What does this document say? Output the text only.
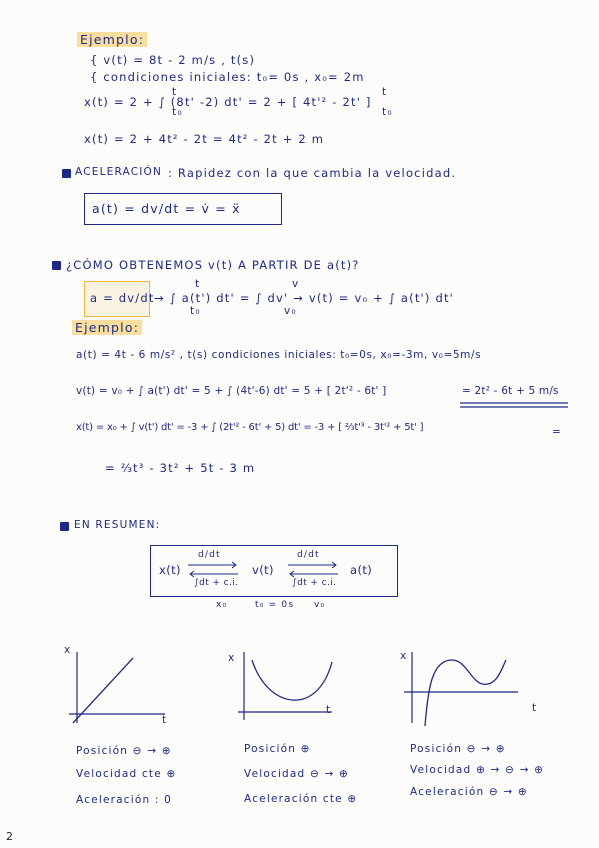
Ejemplo:
{ v(t) = 8t - 2 m/s , t(s)
{ condiciones iniciales: t₀= 0s , x₀= 2m
x(t) = 2 + ∫ (8t' -2) dt' = 2 + [ 4t'² - 2t' ]
t
t₀
t
t₀
x(t) = 2 + 4t² - 2t = 4t² - 2t + 2 m
ACELERACIÓN : Rapidez con la que cambia la velocidad.
a(t) = dv/dt = v̇ = ẍ
¿CÓMO OBTENEMOS v(t) A PARTIR DE a(t)?
a = dv/dt → ∫ a(t') dt' = ∫ dv' → v(t) = v₀ + ∫ a(t') dt'
t
t₀
v
v₀
Ejemplo:
a(t) = 4t - 6 m/s² , t(s) condiciones iniciales: t₀=0s, x₀=-3m, v₀=5m/s
v(t) = v₀ + ∫ a(t') dt' = 5 + ∫ (4t'-6) dt' = 5 + [ 2t'² - 6t' ]	= 2t² - 6t + 5 m/s
x(t) = x₀ + ∫ v(t') dt' = -3 + ∫ (2t'² - 6t' + 5) dt' = -3 + [ ⅔t'³ - 3t'² + 5t' ]	=
= ⅔t³ - 3t² + 5t - 3 m
EN RESUMEN:
x(t)	v(t)	a(t)
d/dt	d/dt
∫dt + c.i.	∫dt + c.i.
x₀	t₀ = 0s v₀
x
t
x
t
x
t
Posición ⊖ → ⊕
Velocidad cte ⊕
Aceleración : 0
Posición ⊕
Velocidad ⊖ → ⊕
Aceleración cte ⊕
Posición ⊖ → ⊕
Velocidad ⊕ → ⊖ → ⊕
Aceleración ⊖ → ⊕
2
